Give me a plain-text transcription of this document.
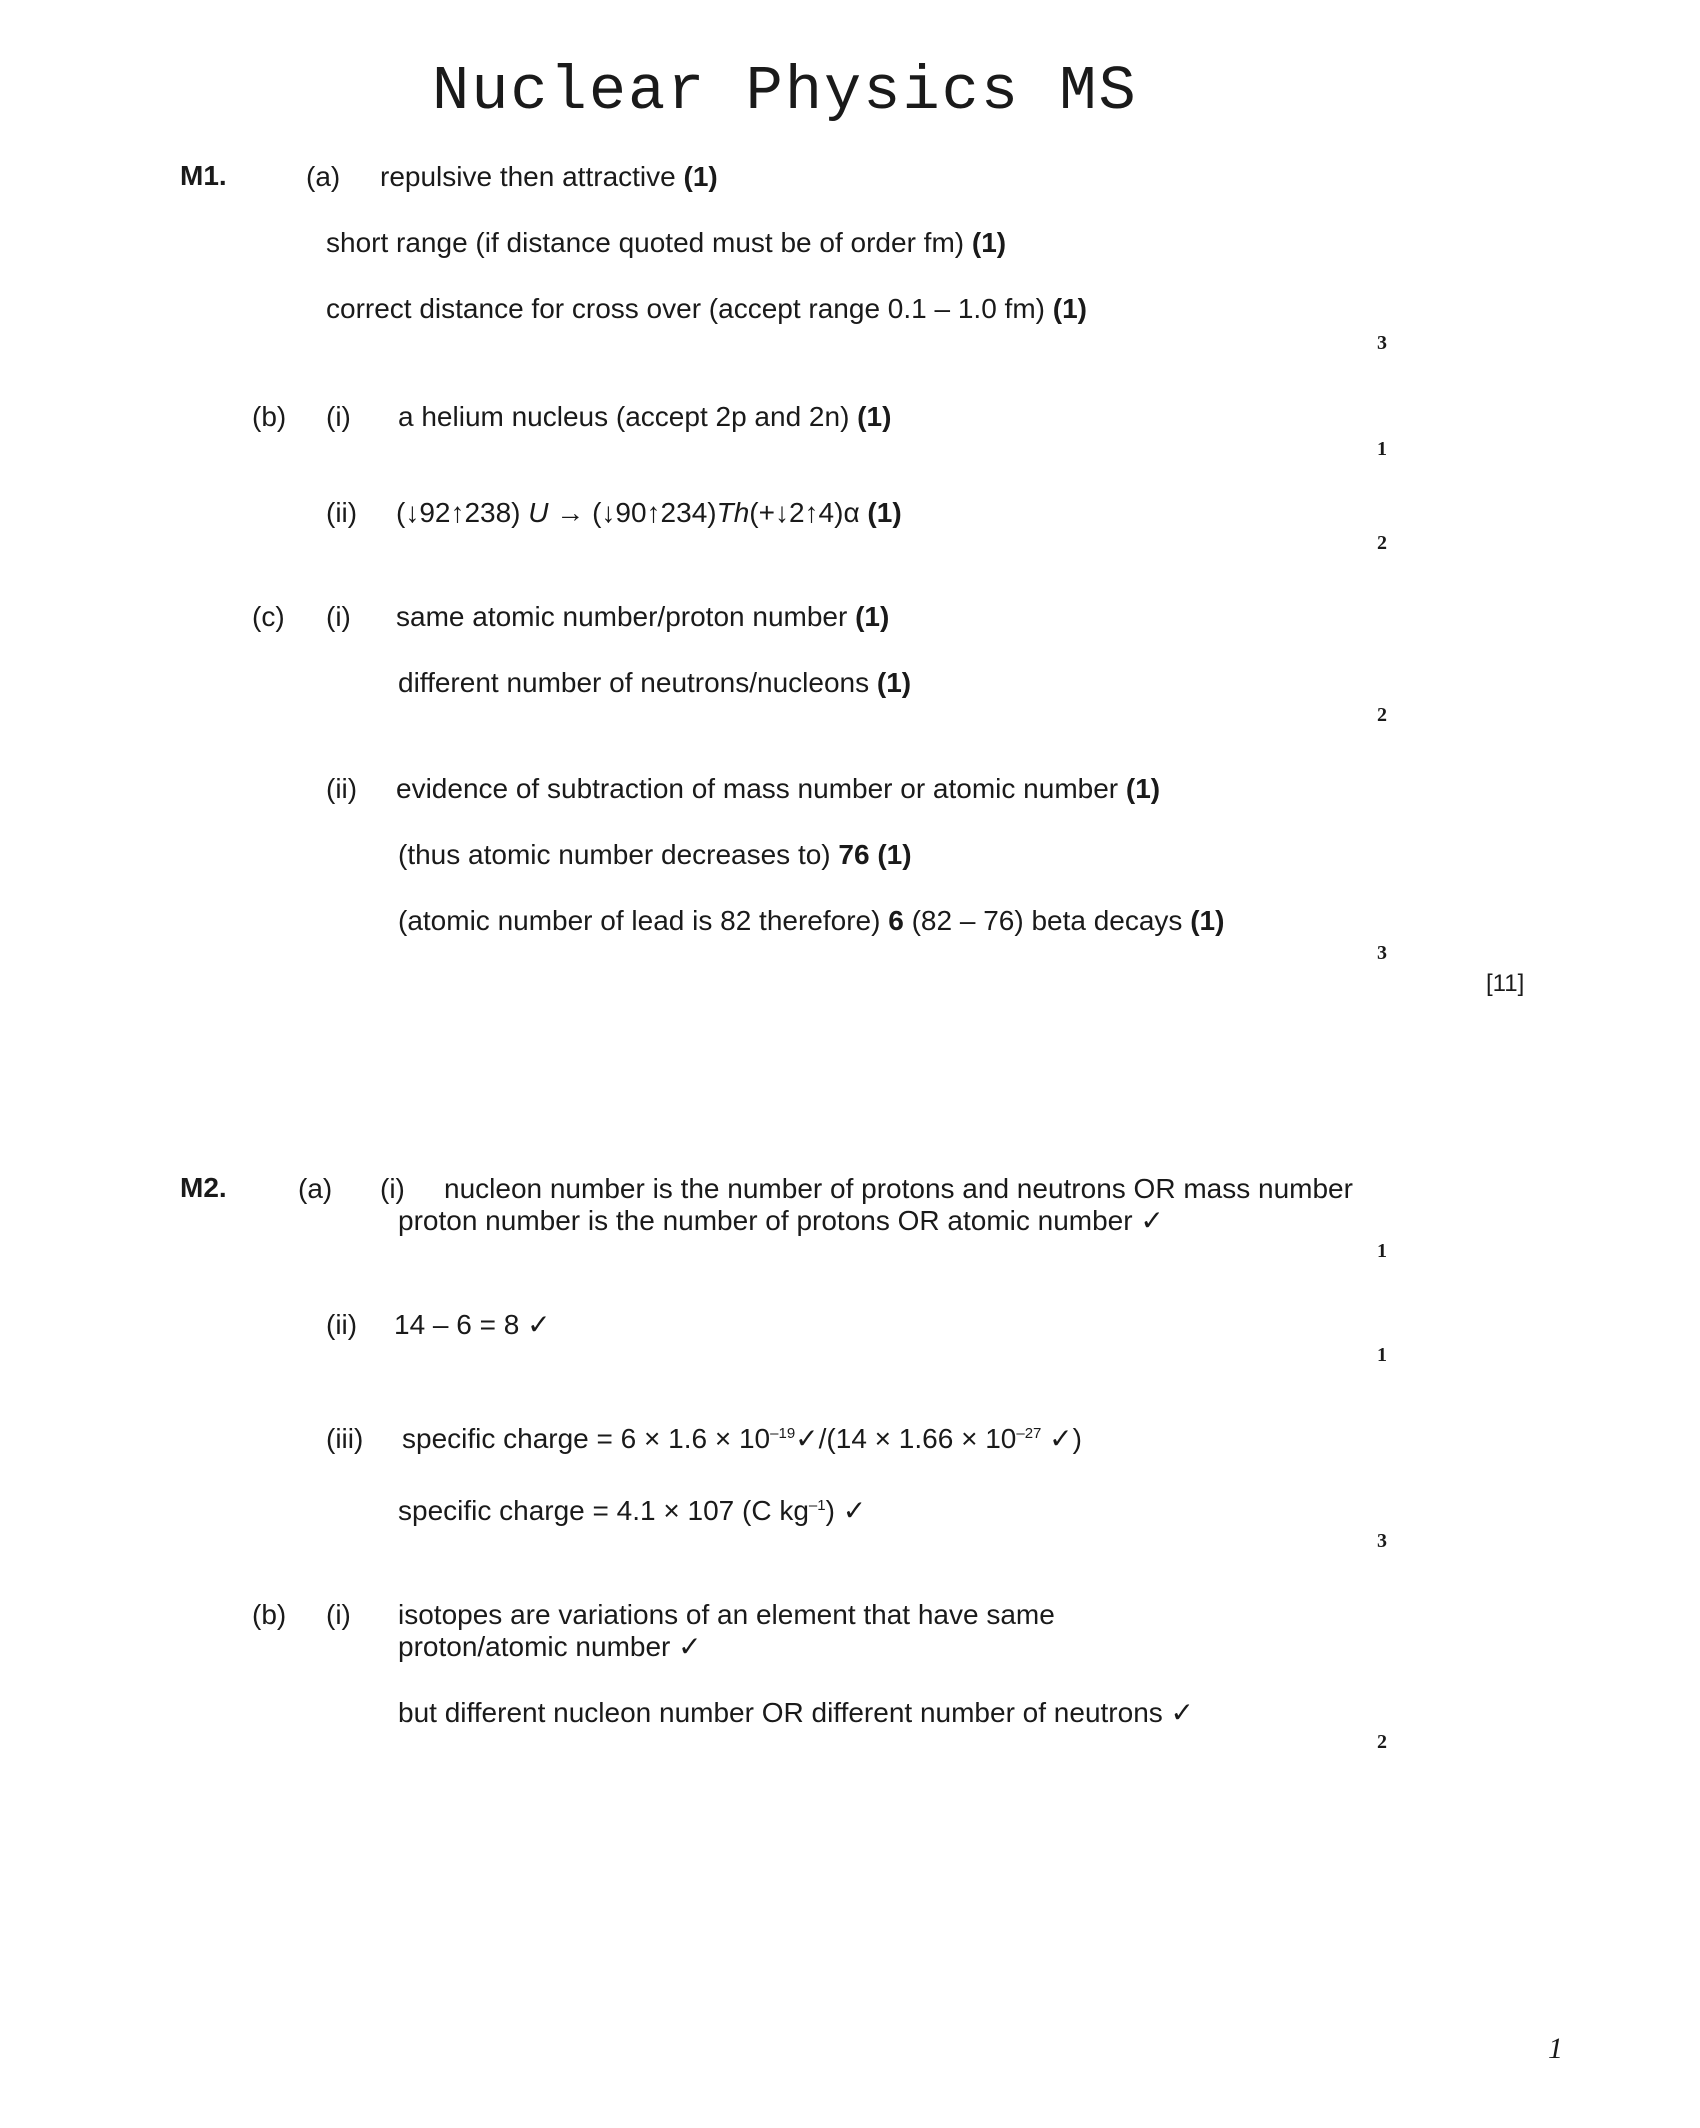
Nuclear Physics MS
M1.	(a) repulsive then attractive (1)
short range (if distance quoted must be of order fm) (1)
correct distance for cross over (accept range 0.1 – 1.0 fm) (1)
3
(b) (i) a helium nucleus (accept 2p and 2n) (1)
1
(ii) (↓92↑238) U → (↓90↑234)Th(+↓2↑4)α (1)
2
(c) (i) same atomic number/proton number (1)
different number of neutrons/nucleons (1)
2
(ii) evidence of subtraction of mass number or atomic number (1)
(thus atomic number decreases to) 76 (1)
(atomic number of lead is 82 therefore) 6 (82 – 76) beta decays (1)
3
[11]
M2.	(a) (i) nucleon number is the number of protons and neutrons OR mass number
proton number is the number of protons OR atomic number ✓
1
(ii) 14 – 6 = 8 ✓
1
(iii) specific charge = $6 \times 1.6 \times 10^{-19}✓/(14 \times 1.66 \times 10^{-27}$ ✓)
specific charge = 4.1 × 107 (C $kg^{-1}$) ✓
3
(b) (i) isotopes are variations of an element that have same
proton/atomic number ✓
but different nucleon number OR different number of neutrons ✓
2
1
